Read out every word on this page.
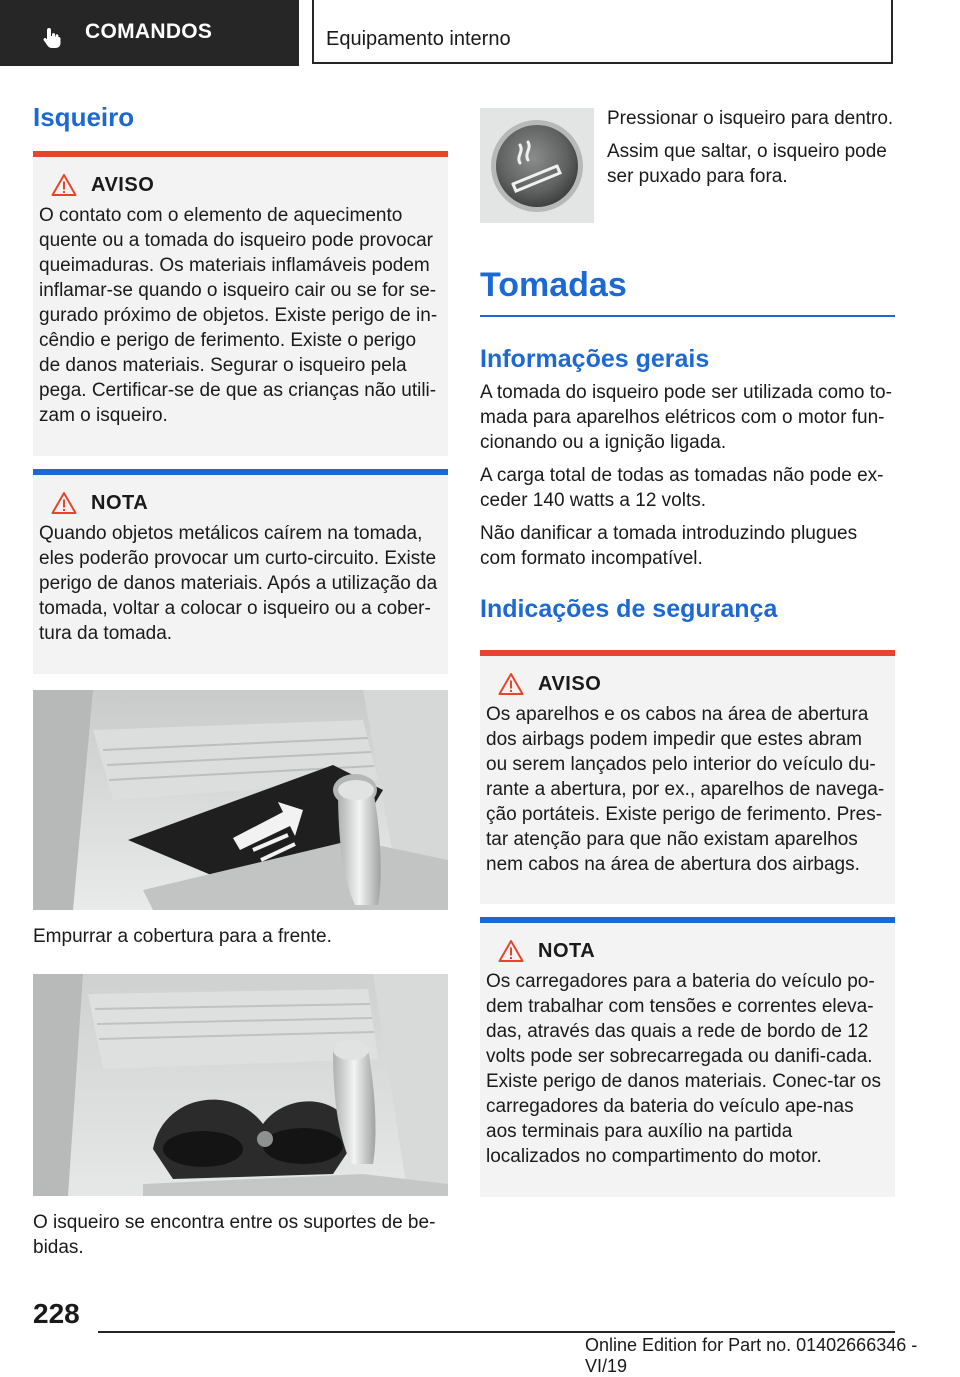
COMANDOS	Equipamento interno
Isqueiro
AVISO

O contato com o elemento de aquecimento quente ou a tomada do isqueiro pode provocar queimaduras. Os materiais inflamáveis podem inflamar-se quando o isqueiro cair ou se for se‐gurado próximo de objetos. Existe perigo de in‐cêndio e perigo de ferimento. Existe o perigo de danos materiais. Segurar o isqueiro pela pega. Certificar-se de que as crianças não utili‐zam o isqueiro.

NOTA

Quando objetos metálicos caírem na tomada, eles poderão provocar um curto-circuito. Existe perigo de danos materiais. Após a utilização da tomada, voltar a colocar o isqueiro ou a cober‐tura da tomada.

Empurrar a cobertura para a frente.

O isqueiro se encontra entre os suportes de be‐bidas.

Pressionar o isqueiro para dentro.

Assim que saltar, o isqueiro pode ser puxado para fora.

Tomadas
Informações gerais

A tomada do isqueiro pode ser utilizada como to‐mada para aparelhos elétricos com o motor fun‐cionando ou a ignição ligada.

A carga total de todas as tomadas não pode ex‐ceder 140 watts a 12 volts.

Não danificar a tomada introduzindo plugues com formato incompatível.

Indicações de segurança
AVISO

Os aparelhos e os cabos na área de abertura dos airbags podem impedir que estes abram ou serem lançados pelo interior do veículo du‐rante a abertura, por ex., aparelhos de navega‐ção portáteis. Existe perigo de ferimento. Pres‐tar atenção para que não existam aparelhos nem cabos na área de abertura dos airbags.

NOTA

Os carregadores para a bateria do veículo po‐dem trabalhar com tensões e correntes eleva‐das, através das quais a rede de bordo de 12 volts pode ser sobrecarregada ou danifi‐cada. Existe perigo de danos materiais. Conec‐tar os carregadores da bateria do veículo ape‐nas aos terminais para auxílio na partida localizados no compartimento do motor.

228
Online Edition for Part no. 01402666346 - VI/19
